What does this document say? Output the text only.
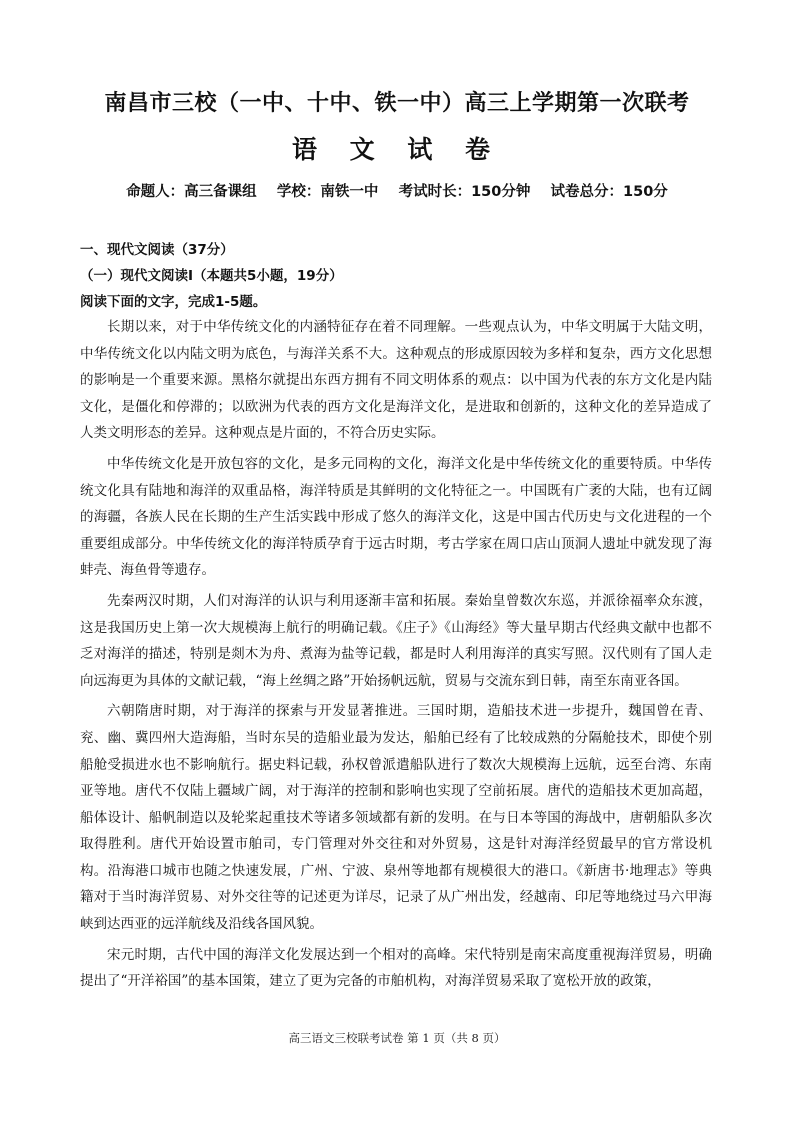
南昌市三校（一中、十中、铁一中）高三上学期第一次联考
语 文 试 卷
命题人：高三备课组    学校：南铁一中    考试时长：150分钟    试卷总分：150分
一、现代文阅读（37分）
（一）现代文阅读Ⅰ（本题共5小题，19分）
阅读下面的文字，完成1-5题。

长期以来，对于中华传统文化的内涵特征存在着不同理解。一些观点认为，中华文明属于大陆文明，中华传统文化以内陆文明为底色，与海洋关系不大。这种观点的形成原因较为多样和复杂，西方文化思想的影响是一个重要来源。黑格尔就提出东西方拥有不同文明体系的观点：以中国为代表的东方文化是内陆文化，是僵化和停滞的；以欧洲为代表的西方文化是海洋文化，是进取和创新的，这种文化的差异造成了人类文明形态的差异。这种观点是片面的，不符合历史实际。

中华传统文化是开放包容的文化，是多元同构的文化，海洋文化是中华传统文化的重要特质。中华传统文化具有陆地和海洋的双重品格，海洋特质是其鲜明的文化特征之一。中国既有广袤的大陆，也有辽阔的海疆，各族人民在长期的生产生活实践中形成了悠久的海洋文化，这是中国古代历史与文化进程的一个重要组成部分。中华传统文化的海洋特质孕育于远古时期，考古学家在周口店山顶洞人遗址中就发现了海蚌壳、海鱼骨等遗存。

先秦两汉时期，人们对海洋的认识与利用逐渐丰富和拓展。秦始皇曾数次东巡，并派徐福率众东渡，这是我国历史上第一次大规模海上航行的明确记载。《庄子》《山海经》等大量早期古代经典文献中也都不乏对海洋的描述，特别是剡木为舟、煮海为盐等记载，都是时人利用海洋的真实写照。汉代则有了国人走向远海更为具体的文献记载，“海上丝绸之路”开始扬帆远航，贸易与交流东到日韩，南至东南亚各国。

六朝隋唐时期，对于海洋的探索与开发显著推进。三国时期，造船技术进一步提升，魏国曾在青、兖、幽、冀四州大造海船，当时东吴的造船业最为发达，船舶已经有了比较成熟的分隔舱技术，即使个别船舱受损进水也不影响航行。据史料记载，孙权曾派遣船队进行了数次大规模海上远航，远至台湾、东南亚等地。唐代不仅陆上疆域广阔，对于海洋的控制和影响也实现了空前拓展。唐代的造船技术更加高超，船体设计、船帆制造以及轮桨起重技术等诸多领域都有新的发明。在与日本等国的海战中，唐朝船队多次取得胜利。唐代开始设置市舶司，专门管理对外交往和对外贸易，这是针对海洋经贸最早的官方常设机构。沿海港口城市也随之快速发展，广州、宁波、泉州等地都有规模很大的港口。《新唐书·地理志》等典籍对于当时海洋贸易、对外交往等的记述更为详尽，记录了从广州出发，经越南、印尼等地绕过马六甲海峡到达西亚的远洋航线及沿线各国风貌。

宋元时期，古代中国的海洋文化发展达到一个相对的高峰。宋代特别是南宋高度重视海洋贸易，明确提出了“开洋裕国”的基本国策，建立了更为完备的市舶机构，对海洋贸易采取了宽松开放的政策，

高三语文三校联考试卷 第 1 页（共 8 页）
